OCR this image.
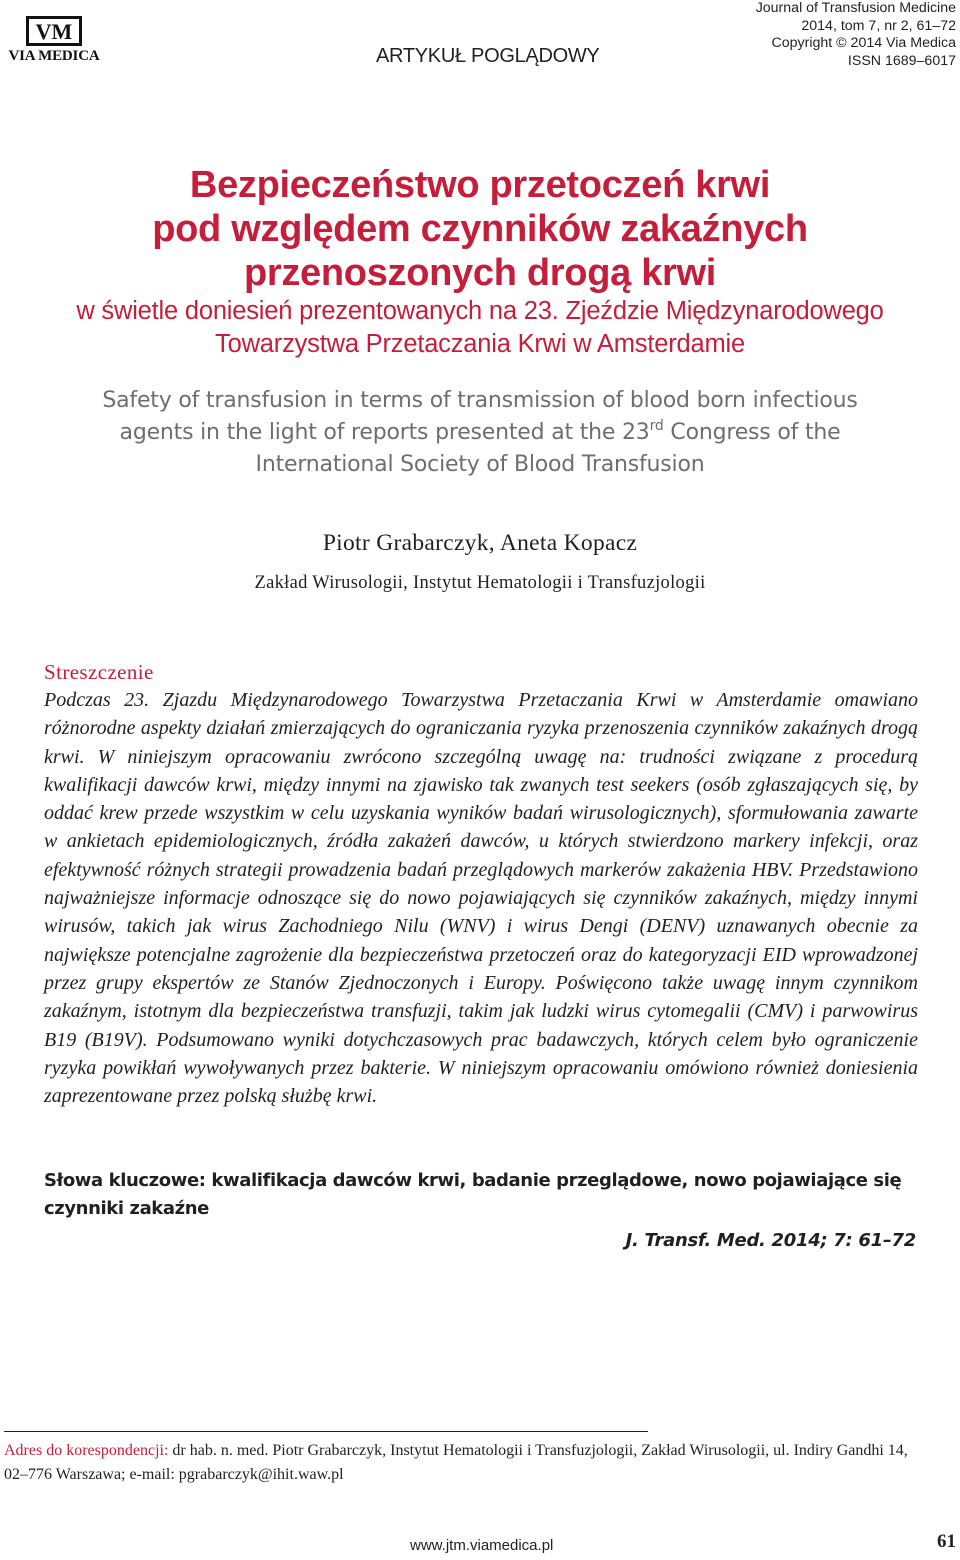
VM
VIA MEDICA	ARTYKUŁ POGLĄDOWY
Journal of Transfusion Medicine
2014, tom 7, nr 2, 61–72
Copyright © 2014 Via Medica
ISSN 1689–6017
Bezpieczeństwo przetoczeń krwi
pod względem czynników zakaźnych
przenoszonych drogą krwi
w świetle doniesień prezentowanych na 23. Zjeździe Międzynarodowego
Towarzystwa Przetaczania Krwi w Amsterdamie
Safety of transfusion in terms of transmission of blood born infectious
agents in the light of reports presented at the 23rd Congress of the
International Society of Blood Transfusion
Piotr Grabarczyk, Aneta Kopacz
Zakład Wirusologii, Instytut Hematologii i Transfuzjologii
Streszczenie
Podczas 23. Zjazdu Międzynarodowego Towarzystwa Przetaczania Krwi w Amsterdamie omawiano różnorodne aspekty działań zmierzających do ograniczania ryzyka przenoszenia czynników zakaźnych drogą krwi. W niniejszym opracowaniu zwrócono szczególną uwagę na: trudności związane z procedurą kwalifikacji dawców krwi, między innymi na zjawisko tak zwanych test seekers (osób zgłaszających się, by oddać krew przede wszystkim w celu uzyskania wyników badań wirusologicznych), sformułowania zawarte w ankietach epidemiologicznych, źródła zakażeń dawców, u których stwierdzono markery infekcji, oraz efektywność różnych strategii prowadzenia badań przeglądowych markerów zakażenia HBV. Przedstawiono najważniejsze informacje odnoszące się do nowo pojawiających się czynników zakaźnych, między innymi wirusów, takich jak wirus Zachodniego Nilu (WNV) i wirus Dengi (DENV) uznawanych obecnie za największe potencjalne zagrożenie dla bezpieczeństwa przetoczeń oraz do kategoryzacji EID wprowadzonej przez grupy ekspertów ze Stanów Zjednoczonych i Europy. Poświęcono także uwagę innym czynnikom zakaźnym, istotnym dla bezpieczeństwa transfuzji, takim jak ludzki wirus cytomegalii (CMV) i parwowirus B19 (B19V). Podsumowano wyniki dotychczasowych prac badawczych, których celem było ograniczenie ryzyka powikłań wywoływanych przez bakterie. W niniejszym opracowaniu omówiono również doniesienia zaprezentowane przez polską służbę krwi.
Słowa kluczowe: kwalifikacja dawców krwi, badanie przeglądowe, nowo pojawiające się czynniki zakaźne
J. Transf. Med. 2014; 7: 61–72
Adres do korespondencji: dr hab. n. med. Piotr Grabarczyk, Instytut Hematologii i Transfuzjologii, Zakład Wirusologii, ul. Indiry Gandhi 14, 02–776 Warszawa; e-mail: pgrabarczyk@ihit.waw.pl
www.jtm.viamedica.pl	61
